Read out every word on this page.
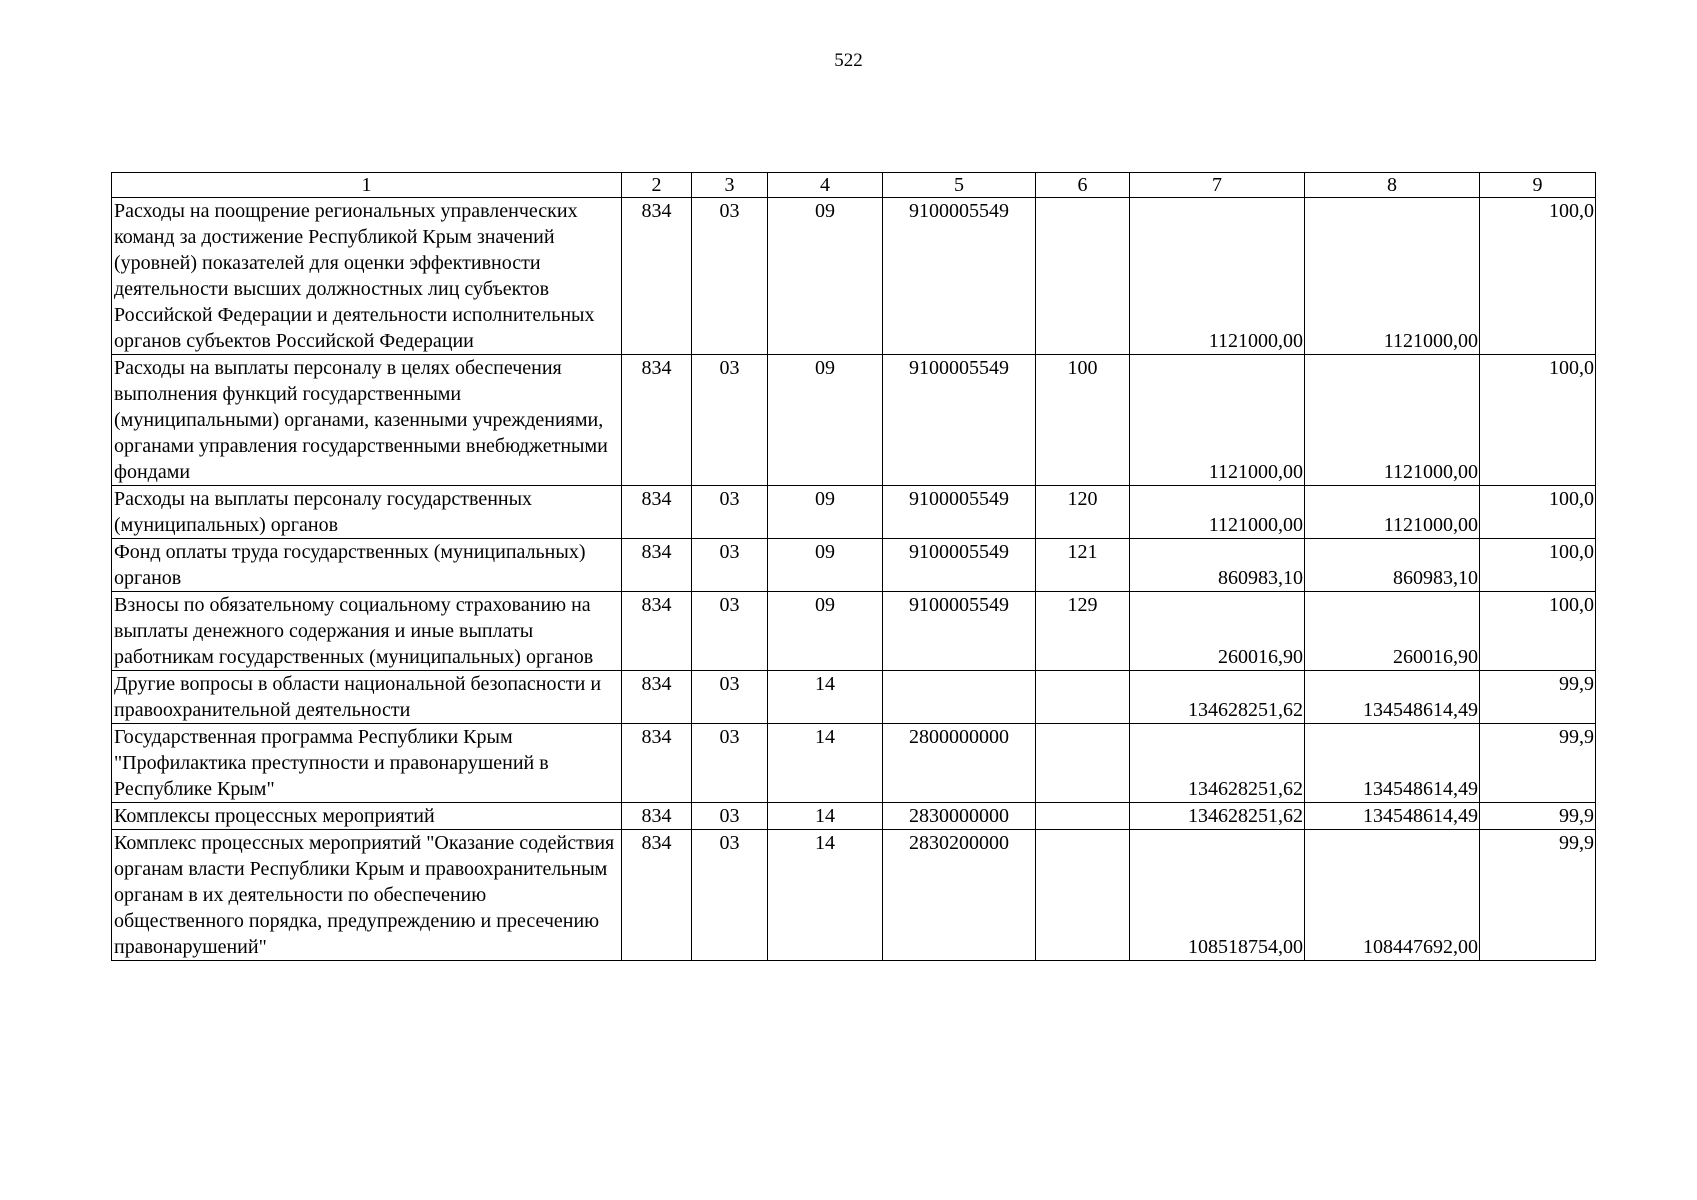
522
1	2	3	4	5	6	7	8	9
Расходы на поощрение региональных управленческих команд за достижение Республикой Крым значений (уровней) показателей для оценки эффективности деятельности высших должностных лиц субъектов Российской Федерации и деятельности исполнительных органов субъектов Российской Федерации	834	03	09	9100005549		1121000,00	1121000,00	100,0
Расходы на выплаты персоналу в целях обеспечения выполнения функций государственными (муниципальными) органами, казенными учреждениями, органами управления государственными внебюджетными фондами	834	03	09	9100005549	100	1121000,00	1121000,00	100,0
Расходы на выплаты персоналу государственных (муниципальных) органов	834	03	09	9100005549	120	1121000,00	1121000,00	100,0
Фонд оплаты труда государственных (муниципальных) органов	834	03	09	9100005549	121	860983,10	860983,10	100,0
Взносы по обязательному социальному страхованию на выплаты денежного содержания и иные выплаты работникам государственных (муниципальных) органов	834	03	09	9100005549	129	260016,90	260016,90	100,0
Другие вопросы в области национальной безопасности и правоохранительной деятельности	834	03	14			134628251,62	134548614,49	99,9
Государственная программа Республики Крым "Профилактика преступности и правонарушений в Республике Крым"	834	03	14	2800000000		134628251,62	134548614,49	99,9
Комплексы процессных мероприятий	834	03	14	2830000000		134628251,62	134548614,49	99,9
Комплекс процессных мероприятий "Оказание содействия органам власти Республики Крым и правоохранительным органам в их деятельности по обеспечению общественного порядка, предупреждению и пресечению правонарушений"	834	03	14	2830200000		108518754,00	108447692,00	99,9
